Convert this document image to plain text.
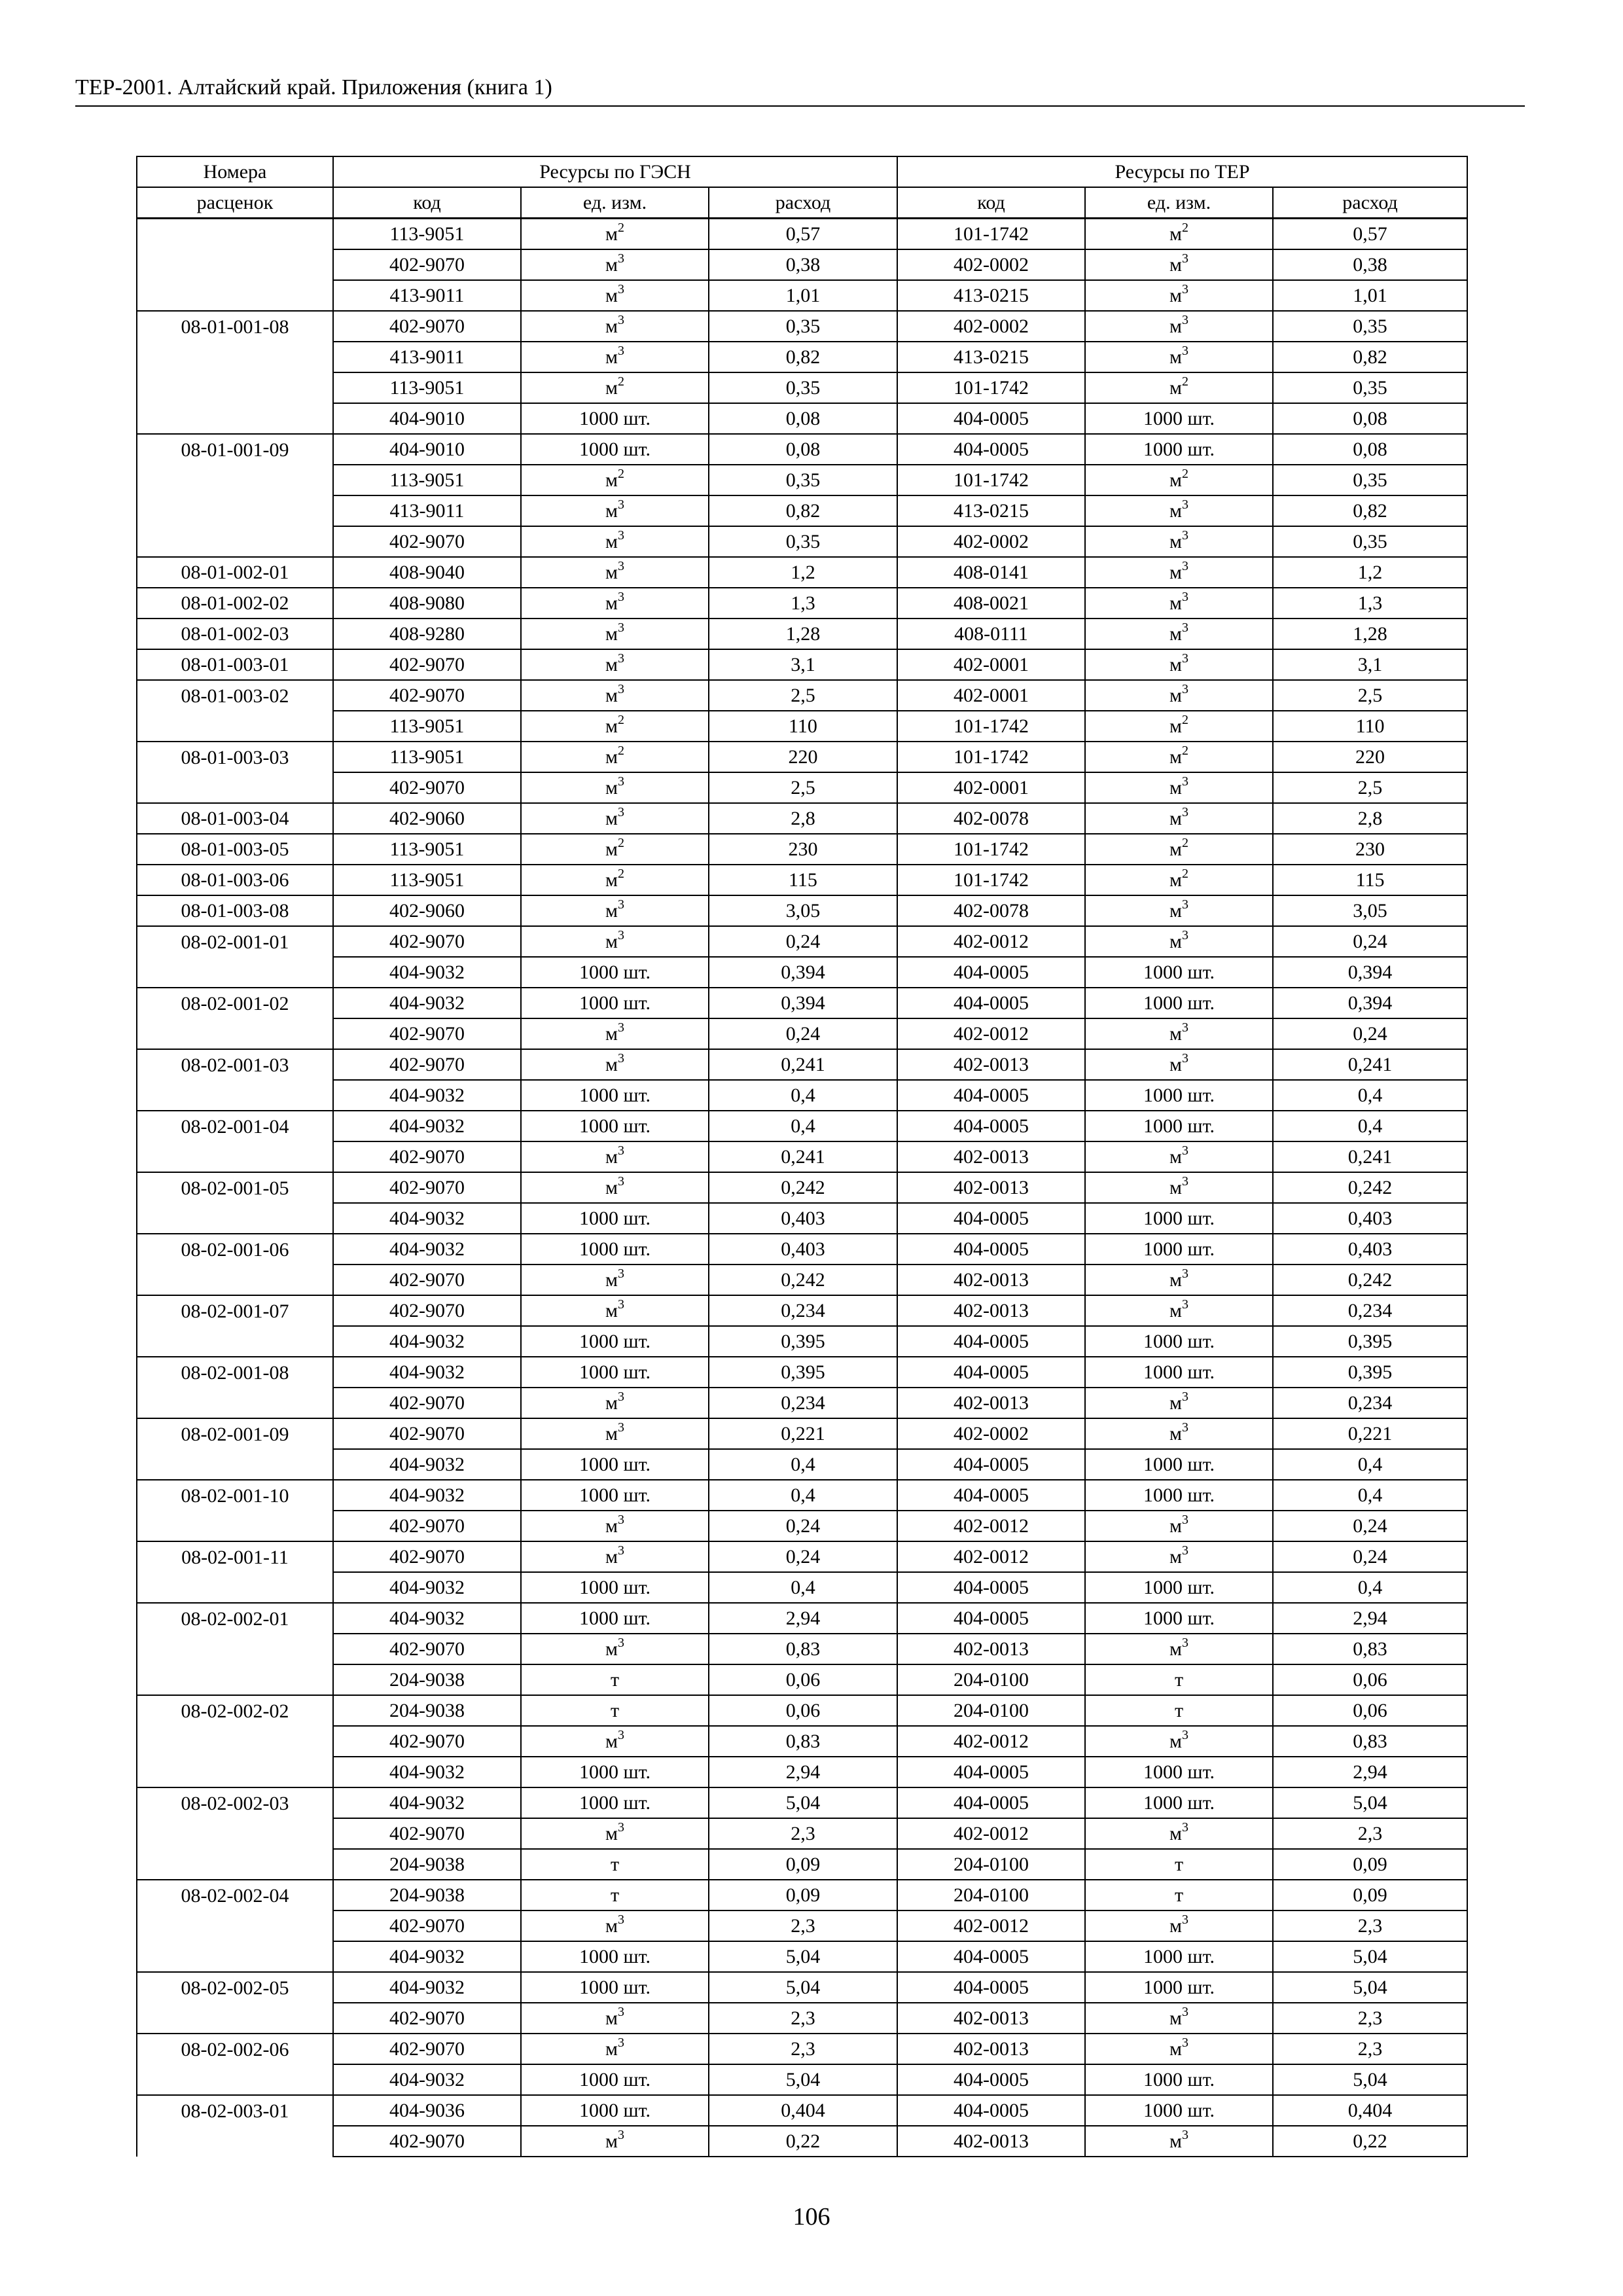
ТЕР-2001. Алтайский край. Приложения (книга 1)
Номера	Ресурсы по ГЭСН			Ресурсы по ТЕР		
расценок	код	ед. изм.	расход	код	ед. изм.	расход
	113-9051	$м^2$	0,57	101-1742	$м^2$	0,57
	402-9070	$м^3$	0,38	402-0002	$м^3$	0,38
	413-9011	$м^3$	1,01	413-0215	$м^3$	1,01
08-01-001-08	402-9070	$м^3$	0,35	402-0002	$м^3$	0,35
	413-9011	$м^3$	0,82	413-0215	$м^3$	0,82
	113-9051	$м^2$	0,35	101-1742	$м^2$	0,35
	404-9010	1000 шт.	0,08	404-0005	1000 шт.	0,08
08-01-001-09	404-9010	1000 шт.	0,08	404-0005	1000 шт.	0,08
	113-9051	$м^2$	0,35	101-1742	$м^2$	0,35
	413-9011	$м^3$	0,82	413-0215	$м^3$	0,82
	402-9070	$м^3$	0,35	402-0002	$м^3$	0,35
08-01-002-01	408-9040	$м^3$	1,2	408-0141	$м^3$	1,2
08-01-002-02	408-9080	$м^3$	1,3	408-0021	$м^3$	1,3
08-01-002-03	408-9280	$м^3$	1,28	408-0111	$м^3$	1,28
08-01-003-01	402-9070	$м^3$	3,1	402-0001	$м^3$	3,1
08-01-003-02	402-9070	$м^3$	2,5	402-0001	$м^3$	2,5
	113-9051	$м^2$	110	101-1742	$м^2$	110
08-01-003-03	113-9051	$м^2$	220	101-1742	$м^2$	220
	402-9070	$м^3$	2,5	402-0001	$м^3$	2,5
08-01-003-04	402-9060	$м^3$	2,8	402-0078	$м^3$	2,8
08-01-003-05	113-9051	$м^2$	230	101-1742	$м^2$	230
08-01-003-06	113-9051	$м^2$	115	101-1742	$м^2$	115
08-01-003-08	402-9060	$м^3$	3,05	402-0078	$м^3$	3,05
08-02-001-01	402-9070	$м^3$	0,24	402-0012	$м^3$	0,24
	404-9032	1000 шт.	0,394	404-0005	1000 шт.	0,394
08-02-001-02	404-9032	1000 шт.	0,394	404-0005	1000 шт.	0,394
	402-9070	$м^3$	0,24	402-0012	$м^3$	0,24
08-02-001-03	402-9070	$м^3$	0,241	402-0013	$м^3$	0,241
	404-9032	1000 шт.	0,4	404-0005	1000 шт.	0,4
08-02-001-04	404-9032	1000 шт.	0,4	404-0005	1000 шт.	0,4
	402-9070	$м^3$	0,241	402-0013	$м^3$	0,241
08-02-001-05	402-9070	$м^3$	0,242	402-0013	$м^3$	0,242
	404-9032	1000 шт.	0,403	404-0005	1000 шт.	0,403
08-02-001-06	404-9032	1000 шт.	0,403	404-0005	1000 шт.	0,403
	402-9070	$м^3$	0,242	402-0013	$м^3$	0,242
08-02-001-07	402-9070	$м^3$	0,234	402-0013	$м^3$	0,234
	404-9032	1000 шт.	0,395	404-0005	1000 шт.	0,395
08-02-001-08	404-9032	1000 шт.	0,395	404-0005	1000 шт.	0,395
	402-9070	$м^3$	0,234	402-0013	$м^3$	0,234
08-02-001-09	402-9070	$м^3$	0,221	402-0002	$м^3$	0,221
	404-9032	1000 шт.	0,4	404-0005	1000 шт.	0,4
08-02-001-10	404-9032	1000 шт.	0,4	404-0005	1000 шт.	0,4
	402-9070	$м^3$	0,24	402-0012	$м^3$	0,24
08-02-001-11	402-9070	$м^3$	0,24	402-0012	$м^3$	0,24
	404-9032	1000 шт.	0,4	404-0005	1000 шт.	0,4
08-02-002-01	404-9032	1000 шт.	2,94	404-0005	1000 шт.	2,94
	402-9070	$м^3$	0,83	402-0013	$м^3$	0,83
	204-9038	т	0,06	204-0100	т	0,06
08-02-002-02	204-9038	т	0,06	204-0100	т	0,06
	402-9070	$м^3$	0,83	402-0012	$м^3$	0,83
	404-9032	1000 шт.	2,94	404-0005	1000 шт.	2,94
08-02-002-03	404-9032	1000 шт.	5,04	404-0005	1000 шт.	5,04
	402-9070	$м^3$	2,3	402-0012	$м^3$	2,3
	204-9038	т	0,09	204-0100	т	0,09
08-02-002-04	204-9038	т	0,09	204-0100	т	0,09
	402-9070	$м^3$	2,3	402-0012	$м^3$	2,3
	404-9032	1000 шт.	5,04	404-0005	1000 шт.	5,04
08-02-002-05	404-9032	1000 шт.	5,04	404-0005	1000 шт.	5,04
	402-9070	$м^3$	2,3	402-0013	$м^3$	2,3
08-02-002-06	402-9070	$м^3$	2,3	402-0013	$м^3$	2,3
	404-9032	1000 шт.	5,04	404-0005	1000 шт.	5,04
08-02-003-01	404-9036	1000 шт.	0,404	404-0005	1000 шт.	0,404
	402-9070	$м^3$	0,22	402-0013	$м^3$	0,22
106
